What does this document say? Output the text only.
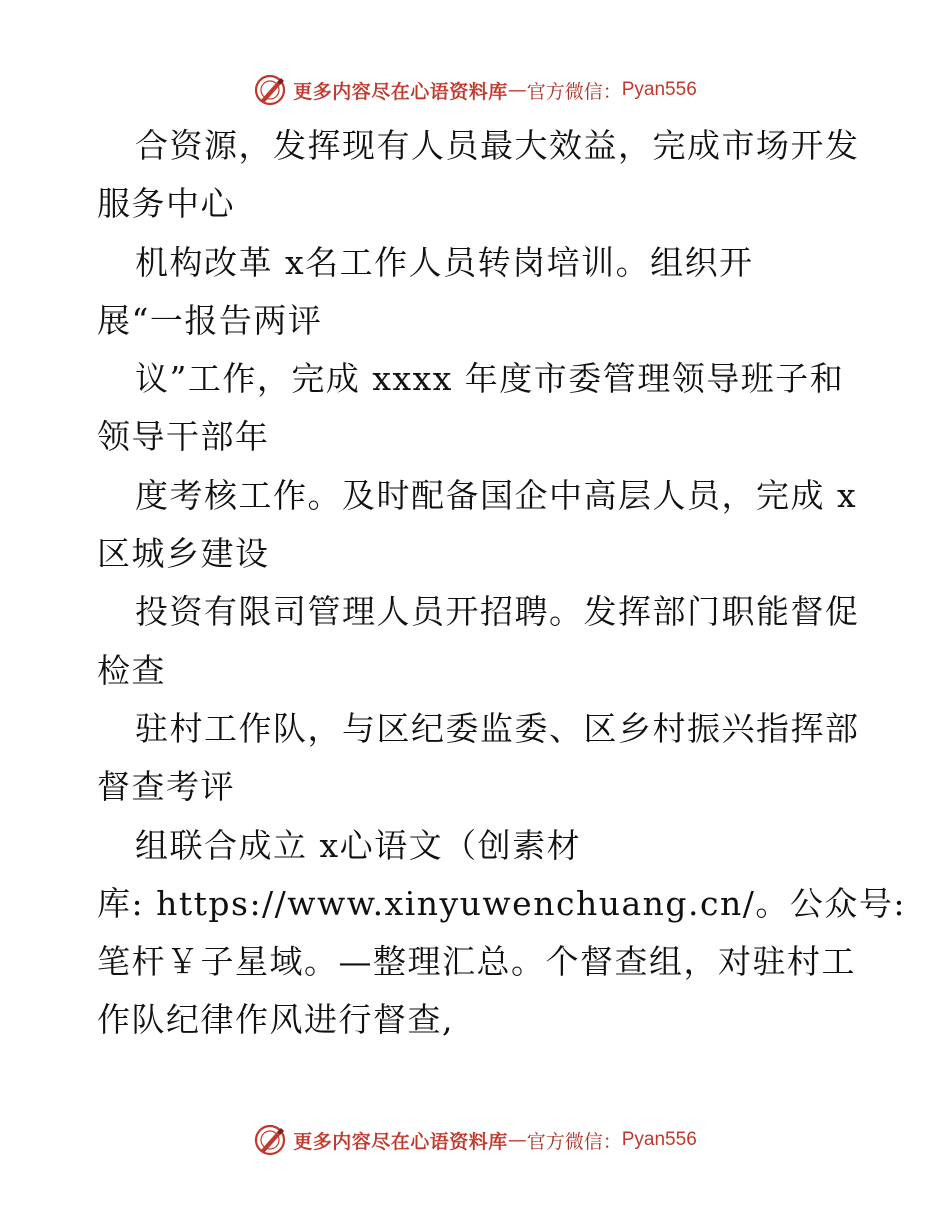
更多内容尽在心语资料库 — 官方微信： Pyan556
合资源，发挥现有人员最大效益，完成市场开发
服务中心
机构改革 x名工作人员转岗培训。组织开
展“一报告两评
议”工作，完成 xxxx 年度市委管理领导班子和
领导干部年
度考核工作。及时配备国企中高层人员，完成 x
区城乡建设
投资有限司管理人员开招聘。发挥部门职能督促
检查
驻村工作队，与区纪委监委、区乡村振兴指挥部
督查考评
组联合成立 x心语文（创素材
库: https://www.xinyuwenchuang.cn/。公众号:
笔杆￥子星域。—整理汇总。个督查组，对驻村工
作队纪律作风进行督查,
更多内容尽在心语资料库 — 官方微信： Pyan556
